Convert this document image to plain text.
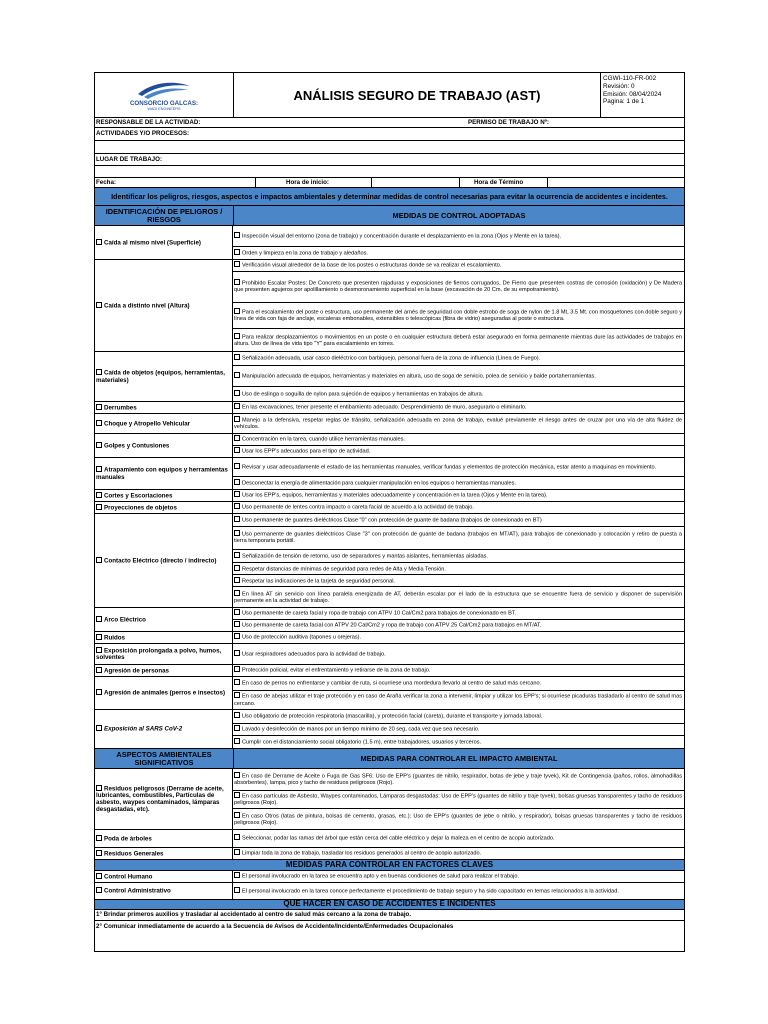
CONSORCIO GALCAS:
WADI ENGINEERS
ANÁLISIS SEGURO DE TRABAJO (AST)
CGWI-110-FR-002
Revisión: 0
Emisión: 08/04/2024
Pagina: 1 de 1
RESPONSABLE DE LA ACTIVIDAD:	PERMISO DE TRABAJO Nº:
ACTIVIDADES Y/O PROCESOS:
LUGAR DE TRABAJO:
Fecha:	Hora de inicio:	Hora de Término
Identificar los peligros, riesgos, aspectos e impactos ambientales y determinar medidas de control necesarias para evitar la ocurrencia de accidentes e incidentes.
IDENTIFICACIÓN DE PELIGROS / RIESGOS	MEDIDAS DE CONTROL ADOPTADAS
Caída al mismo nivel (Superficie)
Inspección visual del entorno (zona de trabajo) y concentración durante el desplazamiento en la zona (Ojos y Mente en la tarea).
Orden y limpieza en la zona de trabajo y aledaños.
Caída a distinto nivel (Altura)
Verificación visual alrededor de la base de los postes o estructuras donde se va realizar el escalamiento.
Prohibido Escalar Postes: De Concreto que presenten rajaduras y exposiciones de fierros corrugados, De Fierro que presenten costras de corrosión (oxidación) y De Madera que presenten agujeros por apolillamiento o desmoronamiento superficial en la base (excavación de 20 Cm. de su empotramiento).
Para el escalamiento del poste o estructura, uso permanente del arnés de seguridad con doble estrobo de soga de nylon de 1.8 Mt, 3.5 Mt. con mosquetones con doble seguro y línea de vida con faja de anclaje, escaleras embonables, extensibles o telescópicas (fibra de vidrio) aseguradas al poste o estructura.
Para realizar desplazamientos o movimientos en un poste o en cualquier estructura deberá estar asegurado en forma permanente mientras dure las actividades de trabajos en altura. Uso de línea de vida tipo "Y" para escalamiento en torres.
Caída de objetos (equipos, herramientas, materiales)
Señalización adecuada, usar casco dieléctrico con barbiquejo, personal fuera de la zona de influencia (Línea de Fuego).
Manipulación adecuada de equipos, herramientas y materiales en altura, uso de soga de servicio, polea de servicio y balde portaherramientas.
Uso de eslinga o soguilla de nylon para sujeción de equipos y herramientas en trabajos de altura.
Derrumbes	En las excavaciones, tener presente el entibamiento adecuado. Desprendimiento de muro, asegurarlo o eliminarlo.
Choque y Atropello Vehicular	Manejo a la defensiva, respetar reglas de tránsito, señalización adecuada en zona de trabajo, evalué previamente el riesgo antes de cruzar por una vía de alta fluidez de vehículos.
Golpes y Contusiones
Concentración en la tarea, cuando utilice herramientas manuales.
Usar los EPP's adecuados para el tipo de actividad.
Atrapamiento con equipos y herramientas manuales
Revisar y usar adecuadamente el estado de las herramientas manuales, verificar fundas y elementos de protección mecánica, estar atento a maquinas en movimiento.
Desconectar la energía de alimentación para cualquier manipulación en los equipos o herramientas manuales.
Cortes y Escoriaciones	Usar los EPP's, equipos, herramientas y materiales adecuadamente y concentración en la tarea (Ojos y Mente en la tarea).
Proyecciones de objetos	Uso permanente de lentes contra impacto o careta facial de acuerdo a la actividad de trabajo.
Contacto Eléctrico (directo / indirecto)
Uso permanente de guantes dieléctricos Clase "0" con protección de guante de badana (trabajos de conexionado en BT)
Uso permanente de guantes dieléctricos Clase "3" con protección de guante de badana (trabajos en MT/AT), para trabajos de conexionado y colocación y retiro de puesta a tierra temporaria portátil.
Señalización de tensión de retorno, uso de separadores y mantas aislantes, herramientas aisladas.
Respetar distancias de mínimas de seguridad para redes de Alta y Media Tensión.
Respetar las indicaciones de la tarjeta de seguridad personal.
En línea AT sin servicio con línea paralela energizada de AT, deberán escalar por el lado de la estructura que se encuentre fuera de servicio y disponer de supervisión permanente en la actividad de trabajo.
Arco Eléctrico
Uso permanente de careta facial y ropa de trabajo con ATPV 10 Cal/Cm2 para trabajos de conexionado en BT.
Uso permanente de careta facial con ATPV 20 Cal/Cm2 y ropa de trabajo con ATPV 25 Cal/Cm2 para trabajos en MT/AT.
Ruidos	Uso de protección auditiva (tapones u orejeras).
Exposición prolongada a polvo, humos, solventes	Usar respiradores adecuados para la actividad de trabajo.
Agresión de personas	Protección policial, evitar el enfrentamiento y retirarse de la zona de trabajo.
Agresión de animales (perros e insectos)
En caso de perros no enfrentarse y cambiar de ruta, si ocurriese una mordedura llevarlo al centro de salud más cercano.
En caso de abejas utilizar el traje protección y en caso de Araña verificar la zona a intervenir, limpiar y utilizar los EPP's; si ocurriese picaduras trasladarlo al centro de salud mas cercano.
Exposición al SARS CoV-2
Uso obligatorio de protección respiratoria (mascarilla), y protección facial (careta), durante el transporte y jornada laboral.
Lavado y desinfección de manos por un tiempo mínimo de 20 seg, cada vez que sea necesario.
Cumplir con el distanciamiento social obligatorio (1.5 m), entre trabajadores, usuarios y terceros.
ASPECTOS AMBIENTALES SIGNIFICATIVOS	MEDIDAS PARA CONTROLAR EL IMPACTO AMBIENTAL
Residuos peligrosos (Derrame de aceite, lubricantes, combustibles, Partículas de asbesto, waypes contaminados, lámparas desgastadas, etc).
En caso de Derrame de Aceite o Fuga de Gas SF6: Uso de EPP's (guantes de nitrilo, respirador, botas de jebe y traje tyvek), Kit de Contingencia (paños, rollos, almohadillas absorbentes), lampa, pico y tacho de residuos peligrosos (Rojo).
En caso partículas de Asbesto, Waypes contaminados, Lámparas desgastadas: Uso de EPP's (guantes de nitrilo y traje tyvek), bolsas gruesas transparentes y tacho de residuos peligrosos (Rojo).
En caso Otros (latas de pintura, bolsas de cemento, grasas, etc.): Uso de EPP's (guantes de jebe o nitrilo, y respirador), bolsas gruesas transparentes y tacho de residuos peligrosos (Rojo).
Poda de árboles	Seleccionar, podar las ramas del árbol que están cerca del cable eléctrico y dejar la maleza en el centro de acopio autorizado.
Residuos Generales	Limpiar toda la zona de trabajo, trasladar los residuos generados al centro de acopio autorizado.
MEDIDAS PARA CONTROLAR EN FACTORES CLAVES
Control Humano	El personal involucrado en la tarea se encuentra apto y en buenas condiciones de salud para realizar el trabajo.
Control Administrativo	El personal involucrado en la tarea conoce perfectamente el procedimiento de trabajo seguro y ha sido capacitado en temas relacionados a la actividad.
QUE HACER EN CASO DE ACCIDENTES E INCIDENTES
1° Brindar primeros auxilios y trasladar al accidentado al centro de salud más cercano a la zona de trabajo.
2° Comunicar inmediatamente de acuerdo a la Secuencia de Avisos de Accidente/Incidente/Enfermedades Ocupacionales
